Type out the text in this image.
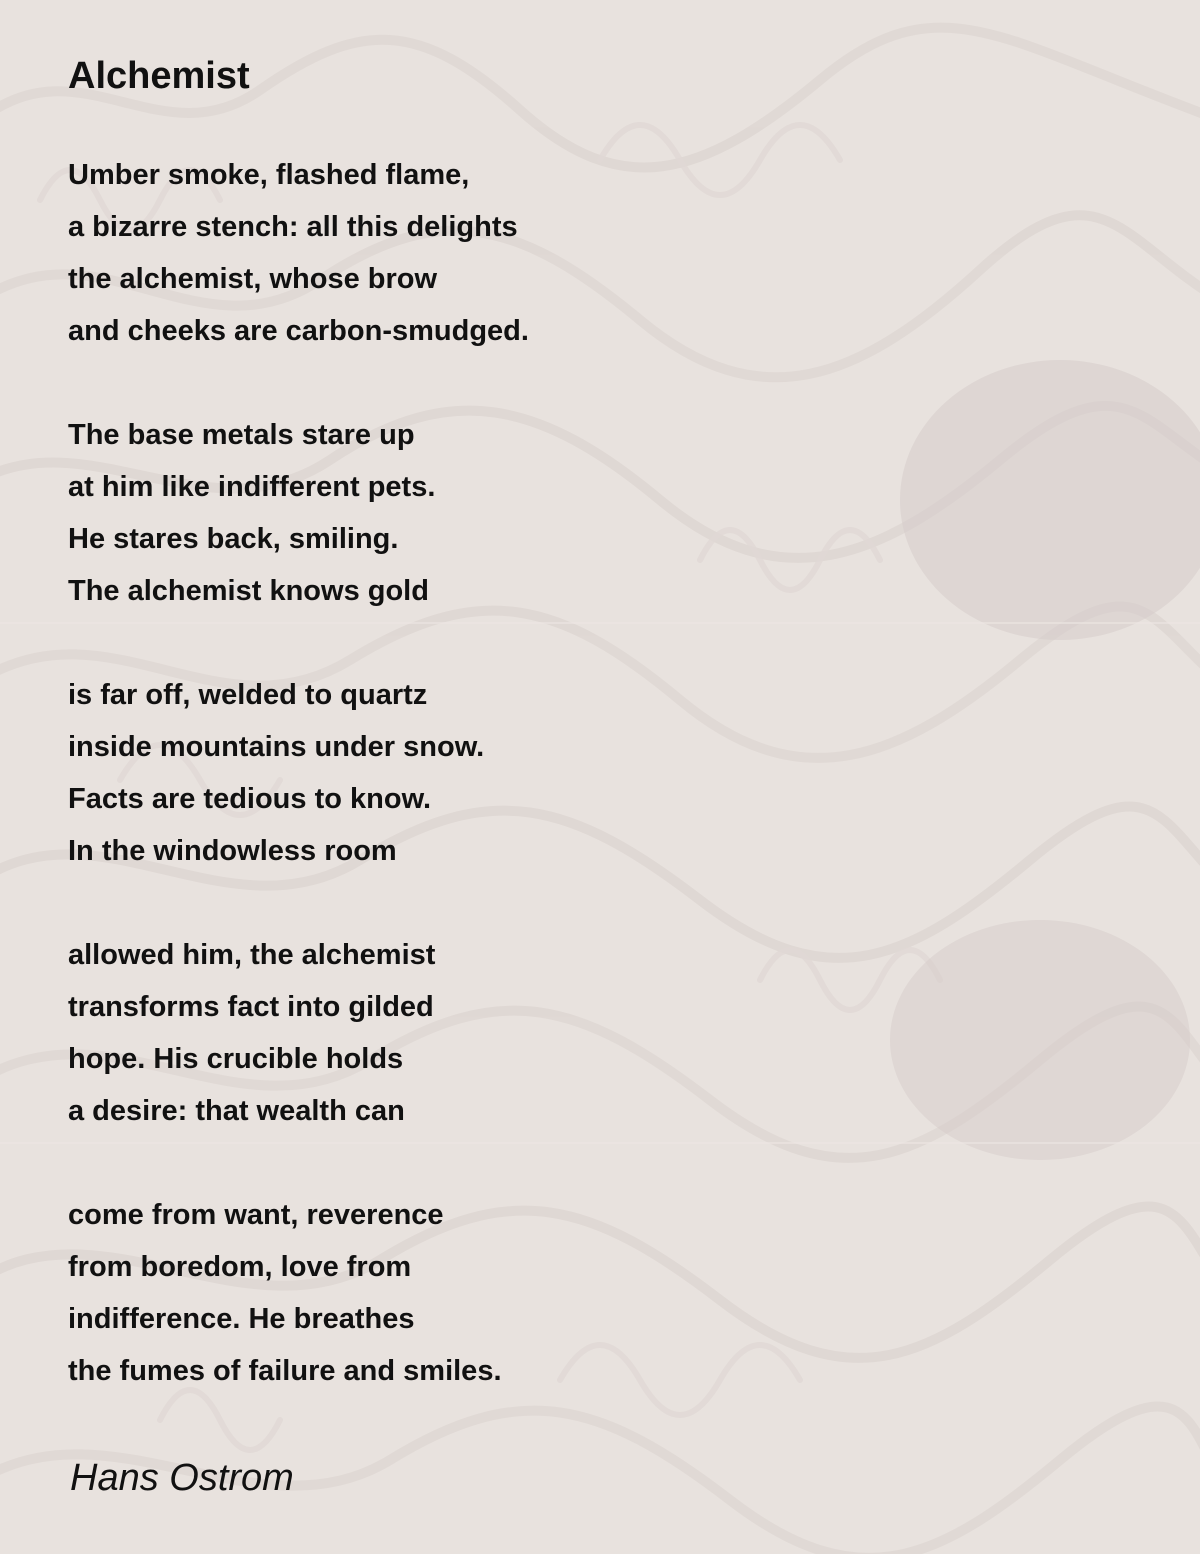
Alchemist
Umber smoke, flashed flame,
a bizarre stench: all this delights
the alchemist, whose brow
and cheeks are carbon-smudged.
The base metals stare up
at him like indifferent pets.
He stares back, smiling.
The alchemist knows gold
is far off, welded to quartz
inside mountains under snow.
Facts are tedious to know.
In the windowless room
allowed him, the alchemist
transforms fact into gilded
hope. His crucible holds
a desire: that wealth can
come from want, reverence
from boredom, love from
indifference. He breathes
the fumes of failure and smiles.

Hans Ostrom
